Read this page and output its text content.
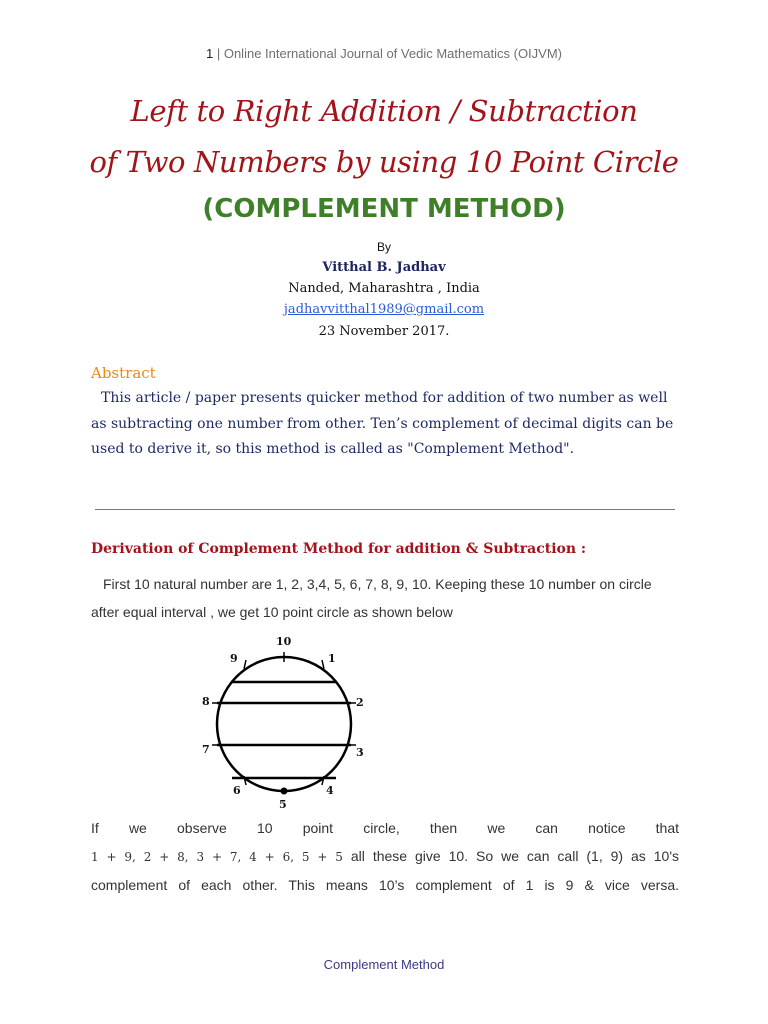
1 | Online International Journal of Vedic Mathematics (OIJVM)
Left to Right Addition / Subtraction
of Two Numbers by using 10 Point Circle
(COMPLEMENT METHOD)
By
Vitthal B. Jadhav
Nanded, Maharashtra , India
jadhavvitthal1989@gmail.com
23 November 2017.
Abstract
This article / paper presents quicker method for addition of two number as well as subtracting one number from other. Ten’s complement of decimal digits can be used to derive it, so this method is called as "Complement Method".
Derivation of Complement Method for addition & Subtraction :
First 10 natural number are 1, 2, 3,4, 5, 6, 7, 8, 9, 10. Keeping these 10 number on circle after equal interval , we get 10 point circle as shown below
10
1
2
3
4
5
6
7
8
9
If we observe 10 point circle, then we can notice that
1 + 9, 2 + 8, 3 + 7, 4 + 6, 5 + 5 all these give 10. So we can call (1, 9) as 10's
complement of each other. This means 10’s complement of 1 is 9 & vice versa.
Complement Method
